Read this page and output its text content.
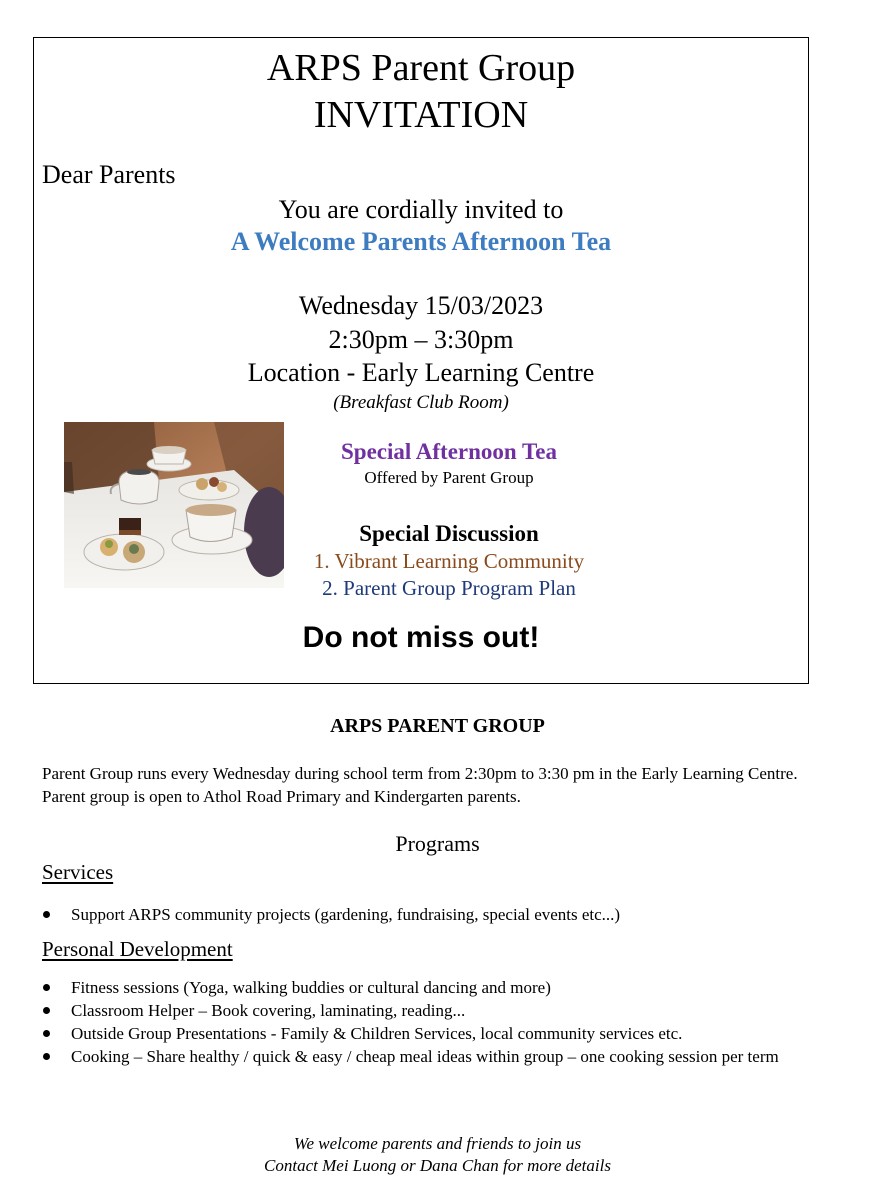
ARPS Parent Group
INVITATION
Dear Parents
You are cordially invited to
A Welcome Parents Afternoon Tea
Wednesday 15/03/2023
2:30pm – 3:30pm
Location - Early Learning Centre
(Breakfast Club Room)
Special Afternoon Tea
Offered by Parent Group
Special Discussion
1. Vibrant Learning Community
2. Parent Group Program Plan
Do not miss out!
ARPS PARENT GROUP
Parent Group runs every Wednesday during school term from 2:30pm to 3:30 pm in the Early Learning Centre. Parent group is open to Athol Road Primary and Kindergarten parents.
Programs
Services
Support ARPS community projects (gardening, fundraising, special events etc...)
Personal Development
Fitness sessions (Yoga, walking buddies or cultural dancing and more)
Classroom Helper – Book covering, laminating, reading...
Outside Group Presentations - Family & Children Services, local community services etc.
Cooking – Share healthy / quick & easy / cheap meal ideas within group – one cooking session per term
We welcome parents and friends to join us
Contact Mei Luong or Dana Chan for more details
